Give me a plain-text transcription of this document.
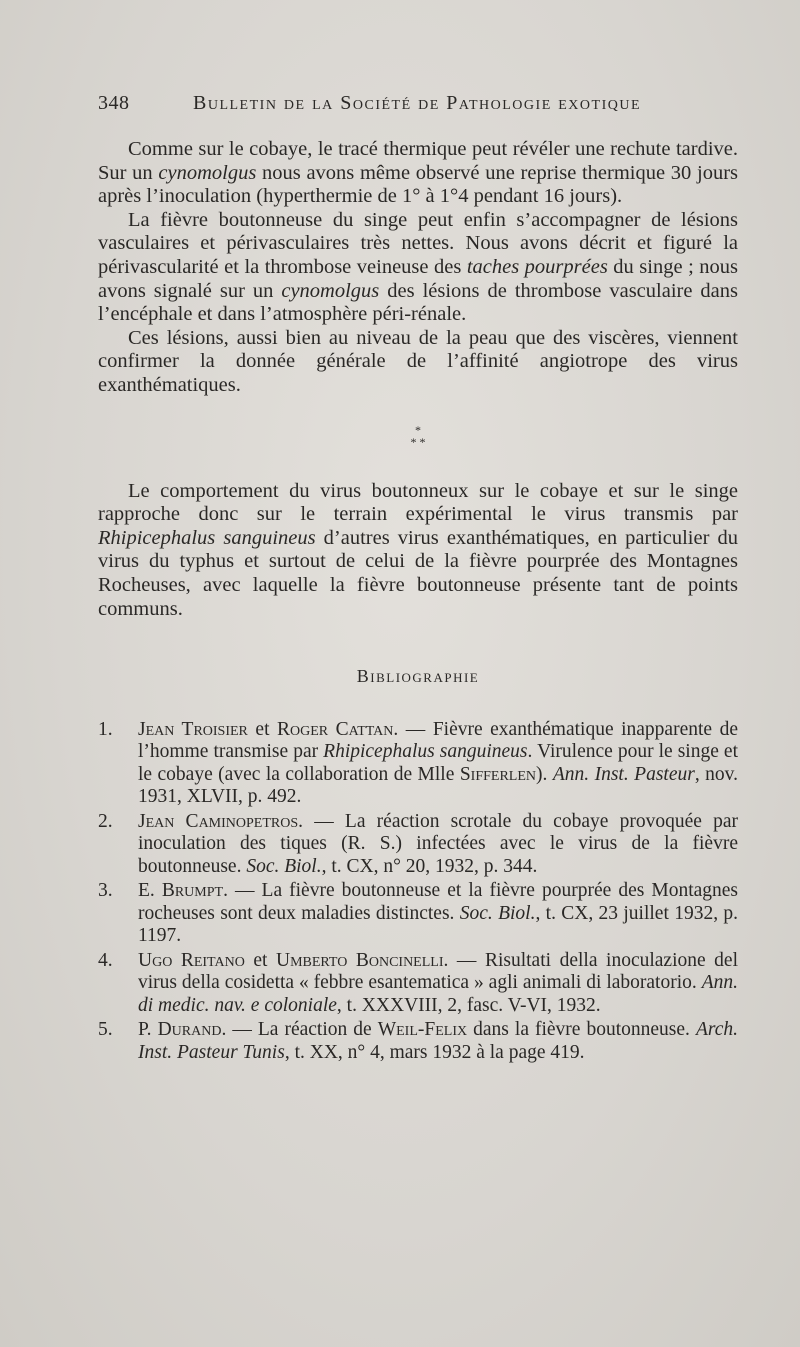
348	Bulletin de la Société de Pathologie exotique

Comme sur le cobaye, le tracé thermique peut révéler une rechute tardive. Sur un cynomolgus nous avons même observé une reprise thermique 30 jours après l’inoculation (hyperthermie de 1° à 1°4 pendant 16 jours).

La fièvre boutonneuse du singe peut enfin s’accompagner de lésions vasculaires et périvasculaires très nettes. Nous avons décrit et figuré la périvascularité et la thrombose veineuse des taches pourprées du singe ; nous avons signalé sur un cynomolgus des lésions de thrombose vasculaire dans l’encéphale et dans l’atmosphère péri-rénale.

Ces lésions, aussi bien au niveau de la peau que des viscères, viennent confirmer la donnée générale de l’affinité angiotrope des virus exanthématiques.

*
* *

Le comportement du virus boutonneux sur le cobaye et sur le singe rapproche donc sur le terrain expérimental le virus transmis par Rhipicephalus sanguineus d’autres virus exanthématiques, en particulier du virus du typhus et surtout de celui de la fièvre pourprée des Montagnes Rocheuses, avec laquelle la fièvre boutonneuse présente tant de points communs.

Bibliographie
1.	Jean Troisier et Roger Cattan. — Fièvre exanthématique inapparente de l’homme transmise par Rhipicephalus sanguineus. Virulence pour le singe et le cobaye (avec la collaboration de Mlle Sifferlen). Ann. Inst. Pasteur, nov. 1931, XLVII, p. 492.
2.	Jean Caminopetros. — La réaction scrotale du cobaye provoquée par inoculation des tiques (R. S.) infectées avec le virus de la fièvre boutonneuse. Soc. Biol., t. CX, n° 20, 1932, p. 344.
3.	E. Brumpt. — La fièvre boutonneuse et la fièvre pourprée des Montagnes rocheuses sont deux maladies distinctes. Soc. Biol., t. CX, 23 juillet 1932, p. 1197.
4.	Ugo Reitano et Umberto Boncinelli. — Risultati della inoculazione del virus della cosidetta « febbre esantematica » agli animali di laboratorio. Ann. di medic. nav. e coloniale, t. XXXVIII, 2, fasc. V-VI, 1932.
5.	P. Durand. — La réaction de Weil-Felix dans la fièvre boutonneuse. Arch. Inst. Pasteur Tunis, t. XX, n° 4, mars 1932 à la page 419.
